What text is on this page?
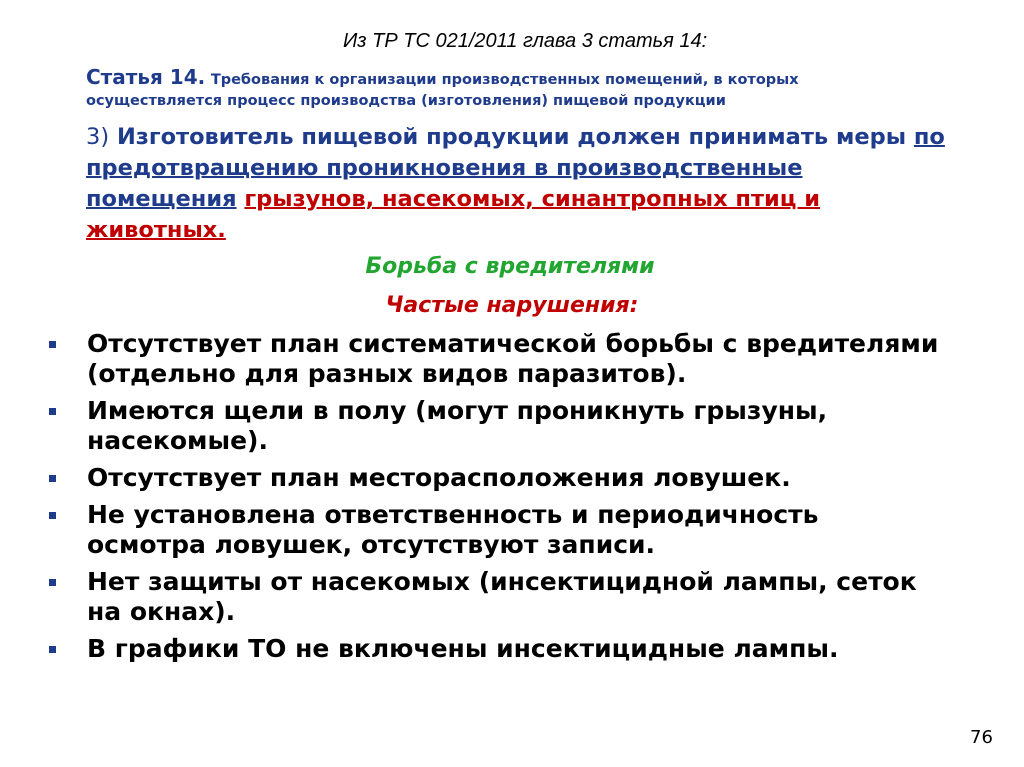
Из ТР ТС 021/2011 глава 3 статья 14:
Статья 14. Требования к организации производственных помещений, в которых осуществляется процесс производства (изготовления) пищевой продукции
3) Изготовитель пищевой продукции должен принимать меры по предотвращению проникновения в производственные помещения грызунов, насекомых, синантропных птиц и животных.
Борьба с вредителями
Частые нарушения:
Отсутствует план систематической борьбы с вредителями (отдельно для разных видов паразитов).
Имеются щели в полу (могут проникнуть грызуны, насекомые).
Отсутствует план месторасположения ловушек.
Не установлена ответственность и периодичность осмотра ловушек, отсутствуют записи.
Нет защиты от насекомых (инсектицидной лампы, сеток на окнах).
В графики ТО не включены инсектицидные лампы.
76
